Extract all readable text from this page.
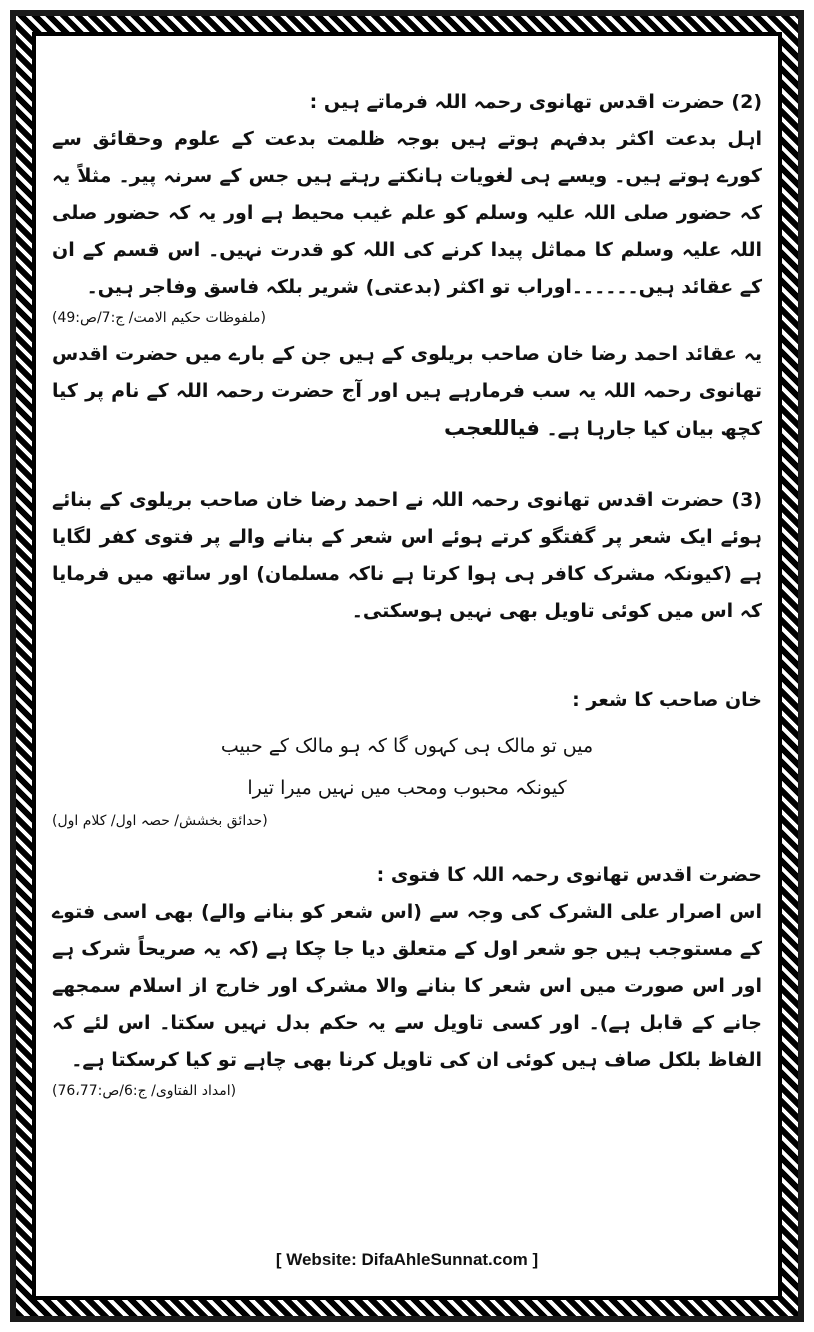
(2) حضرت اقدس تھانوی رحمہ اللہ فرماتے ہیں :

اہل بدعت اکثر بدفہم ہوتے ہیں بوجہ ظلمت بدعت کے علوم وحقائق سے کورے ہوتے ہیں۔ ویسے ہی لغویات ہانکتے رہتے ہیں جس کے سرنہ پیر۔ مثلاً یہ کہ حضور صلی اللہ علیہ وسلم کو علم غیب محیط ہے اور یہ کہ حضور صلی اللہ علیہ وسلم کا مماثل پیدا کرنے کی اللہ کو قدرت نہیں۔ اس قسم کے ان کے عقائد ہیں۔۔۔۔۔۔اوراب تو اکثر (بدعتی) شریر بلکہ فاسق وفاجر ہیں۔

(ملفوظات حکیم الامت/ ج:7/ص:49)

یہ عقائد احمد رضا خان صاحب بریلوی کے ہیں جن کے بارے میں حضرت اقدس تھانوی رحمہ اللہ یہ سب فرمارہے ہیں اور آج حضرت رحمہ اللہ کے نام پر کیا کچھ بیان کیا جارہا ہے۔ فیاللعجب

(3) حضرت اقدس تھانوی رحمہ اللہ نے احمد رضا خان صاحب بریلوی کے بنائے ہوئے ایک شعر پر گفتگو کرتے ہوئے اس شعر کے بنانے والے پر فتوی کفر لگایا ہے (کیونکہ مشرک کافر ہی ہوا کرتا ہے ناکہ مسلمان) اور ساتھ میں فرمایا کہ اس میں کوئی تاویل بھی نہیں ہوسکتی۔

خان صاحب کا شعر :

میں تو مالک ہی کہوں گا کہ ہو مالک کے حبیب

کیونکہ محبوب ومحب میں نہیں میرا تیرا

(حدائق بخشش/ حصہ اول/ کلام اول)

حضرت اقدس تھانوی رحمہ اللہ کا فتوی :

اس اصرار علی الشرک کی وجہ سے (اس شعر کو بنانے والے) بھی اسی فتوے کے مستوجب ہیں جو شعر اول کے متعلق دیا جا چکا ہے (کہ یہ صریحاً شرک ہے اور اس صورت میں اس شعر کا بنانے والا مشرک اور خارج از اسلام سمجھے جانے کے قابل ہے)۔ اور کسی تاویل سے یہ حکم بدل نہیں سکتا۔ اس لئے کہ الفاظ بلکل صاف ہیں کوئی ان کی تاویل کرنا بھی چاہے تو کیا کرسکتا ہے۔

(امداد الفتاوی/ ج:6/ص:76،77)

[ Website: DifaAhleSunnat.com ]
